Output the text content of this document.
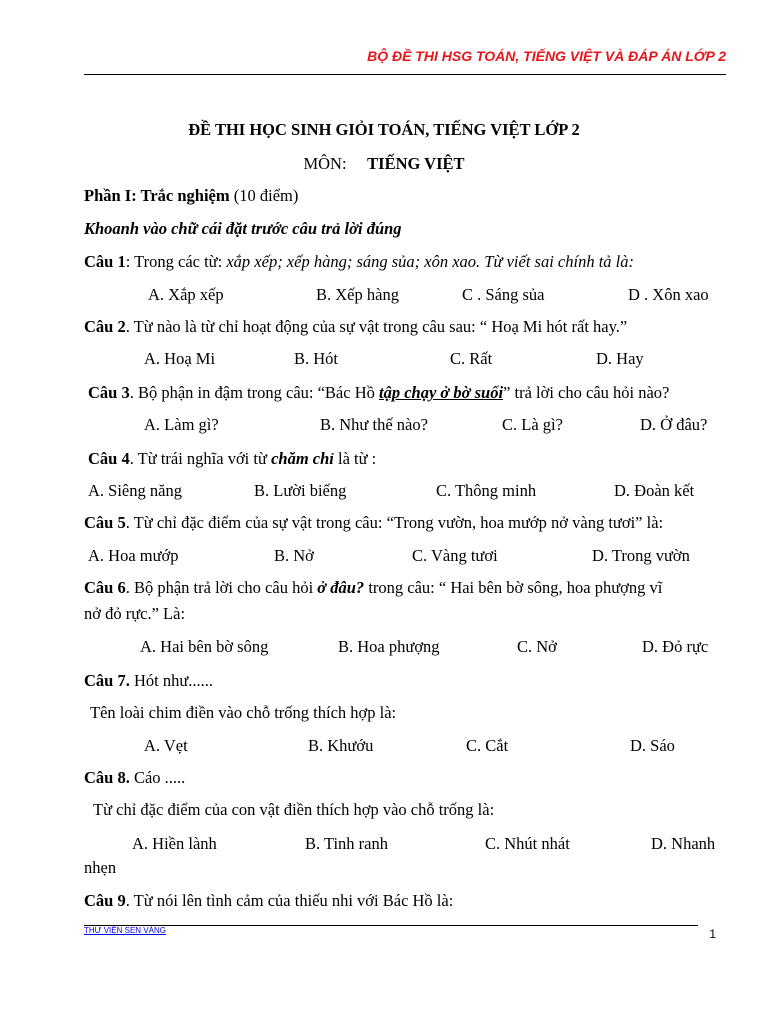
BỘ ĐỀ THI HSG TOÁN, TIẾNG VIỆT VÀ ĐÁP ÁN LỚP 2
ĐỀ THI HỌC SINH GIỎI TOÁN, TIẾNG VIỆT LỚP 2
MÔN: TIẾNG VIỆT
Phần I: Trắc nghiệm (10 điểm)
Khoanh vào chữ cái đặt trước câu trả lời đúng
Câu 1: Trong các từ: xắp xếp; xếp hàng; sáng sủa; xôn xao. Từ viết sai chính tả là:
A. Xắp xếp	B. Xếp hàng	C . Sáng sủa	D . Xôn xao
Câu 2. Từ nào là từ chỉ hoạt động của sự vật trong câu sau: “ Hoạ Mi hót rất hay.”
A. Hoạ Mi	B. Hót	C. Rất	D. Hay
Câu 3. Bộ phận in đậm trong câu: “Bác Hồ tập chạy ở bờ suối” trả lời cho câu hỏi nào?
A. Làm gì?	B. Như thế nào?	C. Là gì?	D. Ở đâu?
Câu 4. Từ trái nghĩa với từ chăm chỉ là từ :
A. Siêng năng	B. Lười biếng	C. Thông minh	D. Đoàn kết
Câu 5. Từ chỉ đặc điểm của sự vật trong câu: “Trong vườn, hoa mướp nở vàng tươi” là:
A. Hoa mướp	B. Nở	C. Vàng tươi	D. Trong vườn
Câu 6. Bộ phận trả lời cho câu hỏi ở đâu? trong câu: “ Hai bên bờ sông, hoa phượng vĩ
nở đỏ rực.” Là:
A. Hai bên bờ sông	B. Hoa phượng	C. Nở	D. Đỏ rực
Câu 7. Hót như......
Tên loài chim điền vào chỗ trống thích hợp là:
A. Vẹt	B. Khướu	C. Cắt	D. Sáo
Câu 8. Cáo .....
Từ chỉ đặc điểm của con vật điền thích hợp vào chỗ trống là:
A. Hiền lành	B. Tinh ranh	C. Nhút nhát	D. Nhanh
nhẹn
Câu 9. Từ nói lên tình cảm của thiếu nhi với Bác Hồ là:
THƯ VIỆN SEN VÀNG	1
